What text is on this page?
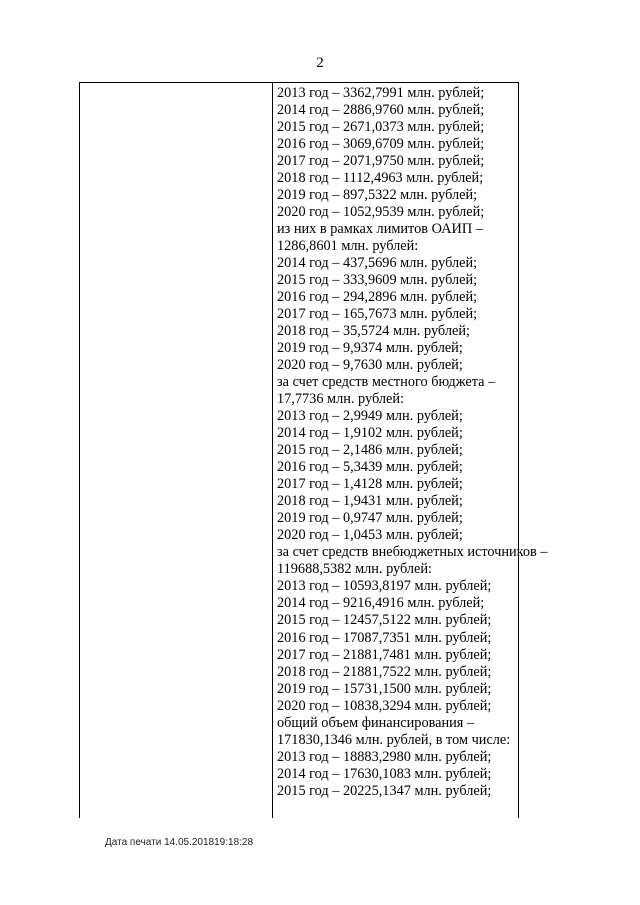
2
2013 год – 3362,7991 млн. рублей;
2014 год – 2886,9760 млн. рублей;
2015 год – 2671,0373 млн. рублей;
2016 год – 3069,6709 млн. рублей;
2017 год – 2071,9750 млн. рублей;
2018 год – 1112,4963 млн. рублей;
2019 год – 897,5322 млн. рублей;
2020 год – 1052,9539 млн. рублей;
из них в рамках лимитов ОАИП –
1286,8601 млн. рублей:
2014 год – 437,5696 млн. рублей;
2015 год – 333,9609 млн. рублей;
2016 год – 294,2896 млн. рублей;
2017 год – 165,7673 млн. рублей;
2018 год – 35,5724 млн. рублей;
2019 год – 9,9374 млн. рублей;
2020 год – 9,7630 млн. рублей;
за счет средств местного бюджета –
17,7736 млн. рублей:
2013 год – 2,9949 млн. рублей;
2014 год – 1,9102 млн. рублей;
2015 год – 2,1486 млн. рублей;
2016 год – 5,3439 млн. рублей;
2017 год – 1,4128 млн. рублей;
2018 год – 1,9431 млн. рублей;
2019 год – 0,9747 млн. рублей;
2020 год – 1,0453 млн. рублей;
за счет средств внебюджетных источников –
119688,5382 млн. рублей:
2013 год – 10593,8197 млн. рублей;
2014 год – 9216,4916 млн. рублей;
2015 год – 12457,5122 млн. рублей;
2016 год – 17087,7351 млн. рублей;
2017 год – 21881,7481 млн. рублей;
2018 год – 21881,7522 млн. рублей;
2019 год – 15731,1500 млн. рублей;
2020 год – 10838,3294 млн. рублей;
общий объем финансирования –
171830,1346 млн. рублей, в том числе:
2013 год – 18883,2980 млн. рублей;
2014 год – 17630,1083 млн. рублей;
2015 год – 20225,1347 млн. рублей;
Дата печати 14.05.201819:18:28
